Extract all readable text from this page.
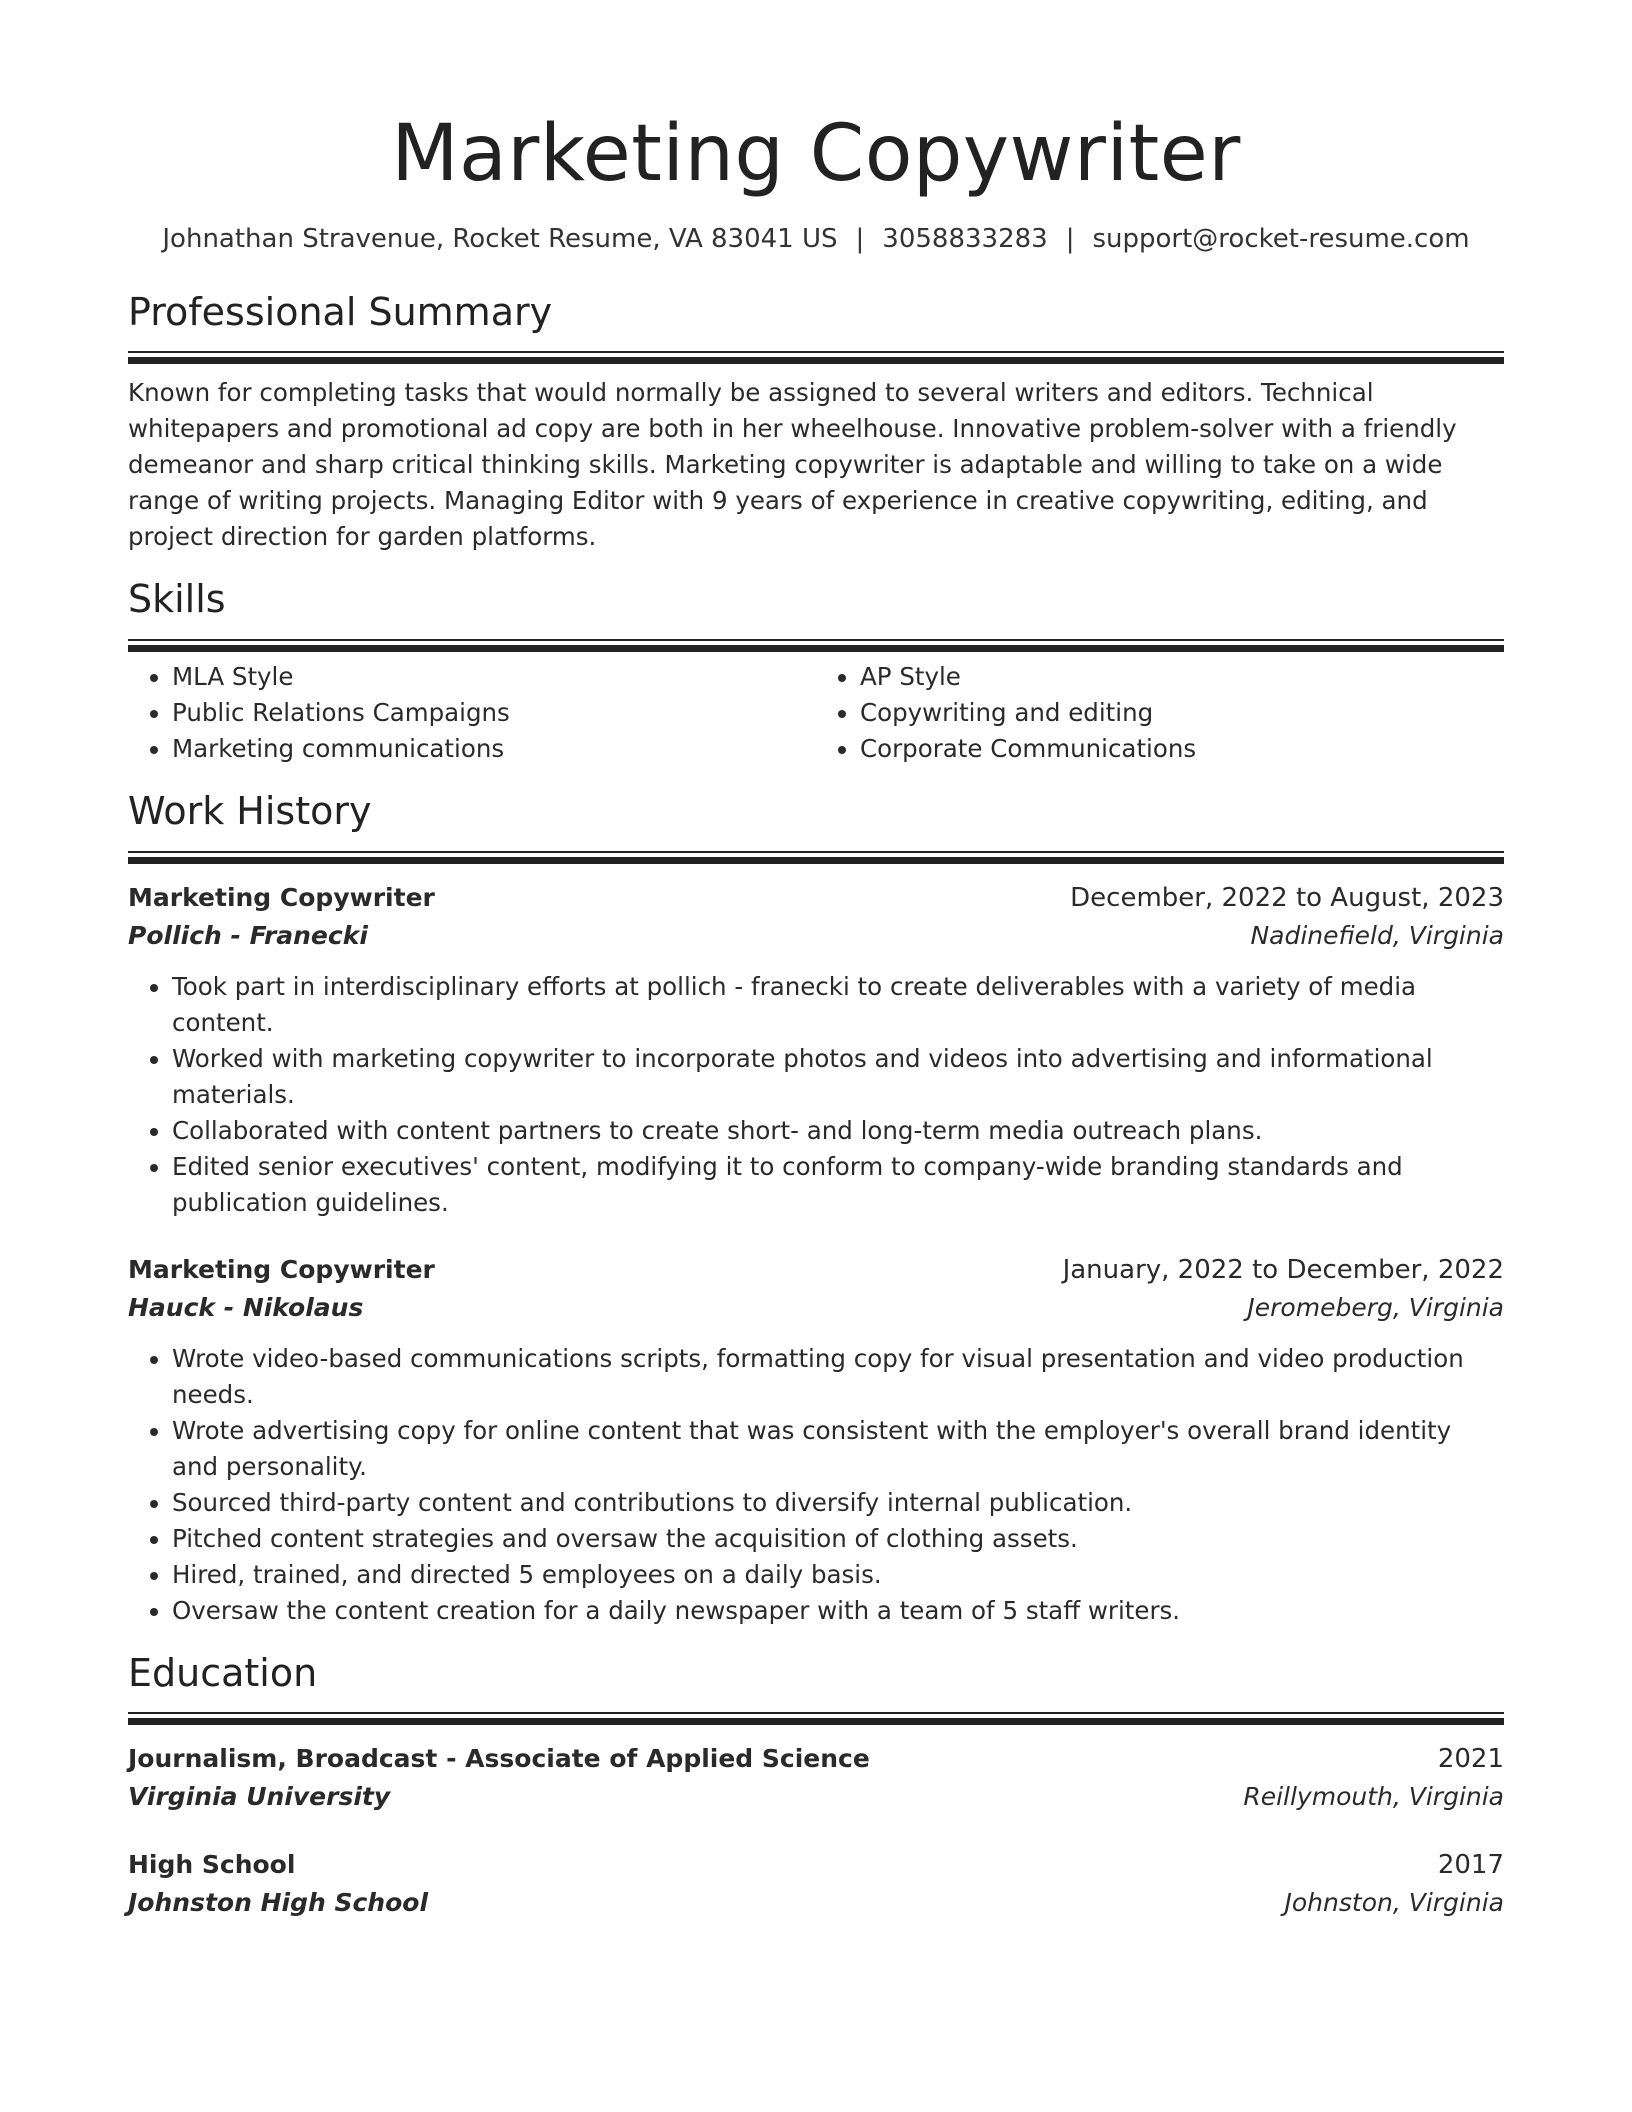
Marketing Copywriter
Johnathan Stravenue, Rocket Resume, VA 83041 US | 3058833283 | support@rocket-resume.com
Professional Summary
Known for completing tasks that would normally be assigned to several writers and editors. Technical whitepapers and promotional ad copy are both in her wheelhouse. Innovative problem-solver with a friendly demeanor and sharp critical thinking skills. Marketing copywriter is adaptable and willing to take on a wide range of writing projects. Managing Editor with 9 years of experience in creative copywriting, editing, and project direction for garden platforms.
Skills
• MLA Style
• Public Relations Campaigns
• Marketing communications
• AP Style
• Copywriting and editing
• Corporate Communications
Work History
Marketing Copywriter	December, 2022 to August, 2023
Pollich - Franecki	Nadinefield, Virginia
• Took part in interdisciplinary efforts at pollich - franecki to create deliverables with a variety of media content.
• Worked with marketing copywriter to incorporate photos and videos into advertising and informational materials.
• Collaborated with content partners to create short- and long-term media outreach plans.
• Edited senior executives' content, modifying it to conform to company-wide branding standards and publication guidelines.
Marketing Copywriter	January, 2022 to December, 2022
Hauck - Nikolaus	Jeromeberg, Virginia
• Wrote video-based communications scripts, formatting copy for visual presentation and video production needs.
• Wrote advertising copy for online content that was consistent with the employer's overall brand identity and personality.
• Sourced third-party content and contributions to diversify internal publication.
• Pitched content strategies and oversaw the acquisition of clothing assets.
• Hired, trained, and directed 5 employees on a daily basis.
• Oversaw the content creation for a daily newspaper with a team of 5 staff writers.
Education
Journalism, Broadcast - Associate of Applied Science	2021
Virginia University	Reillymouth, Virginia
High School	2017
Johnston High School	Johnston, Virginia
